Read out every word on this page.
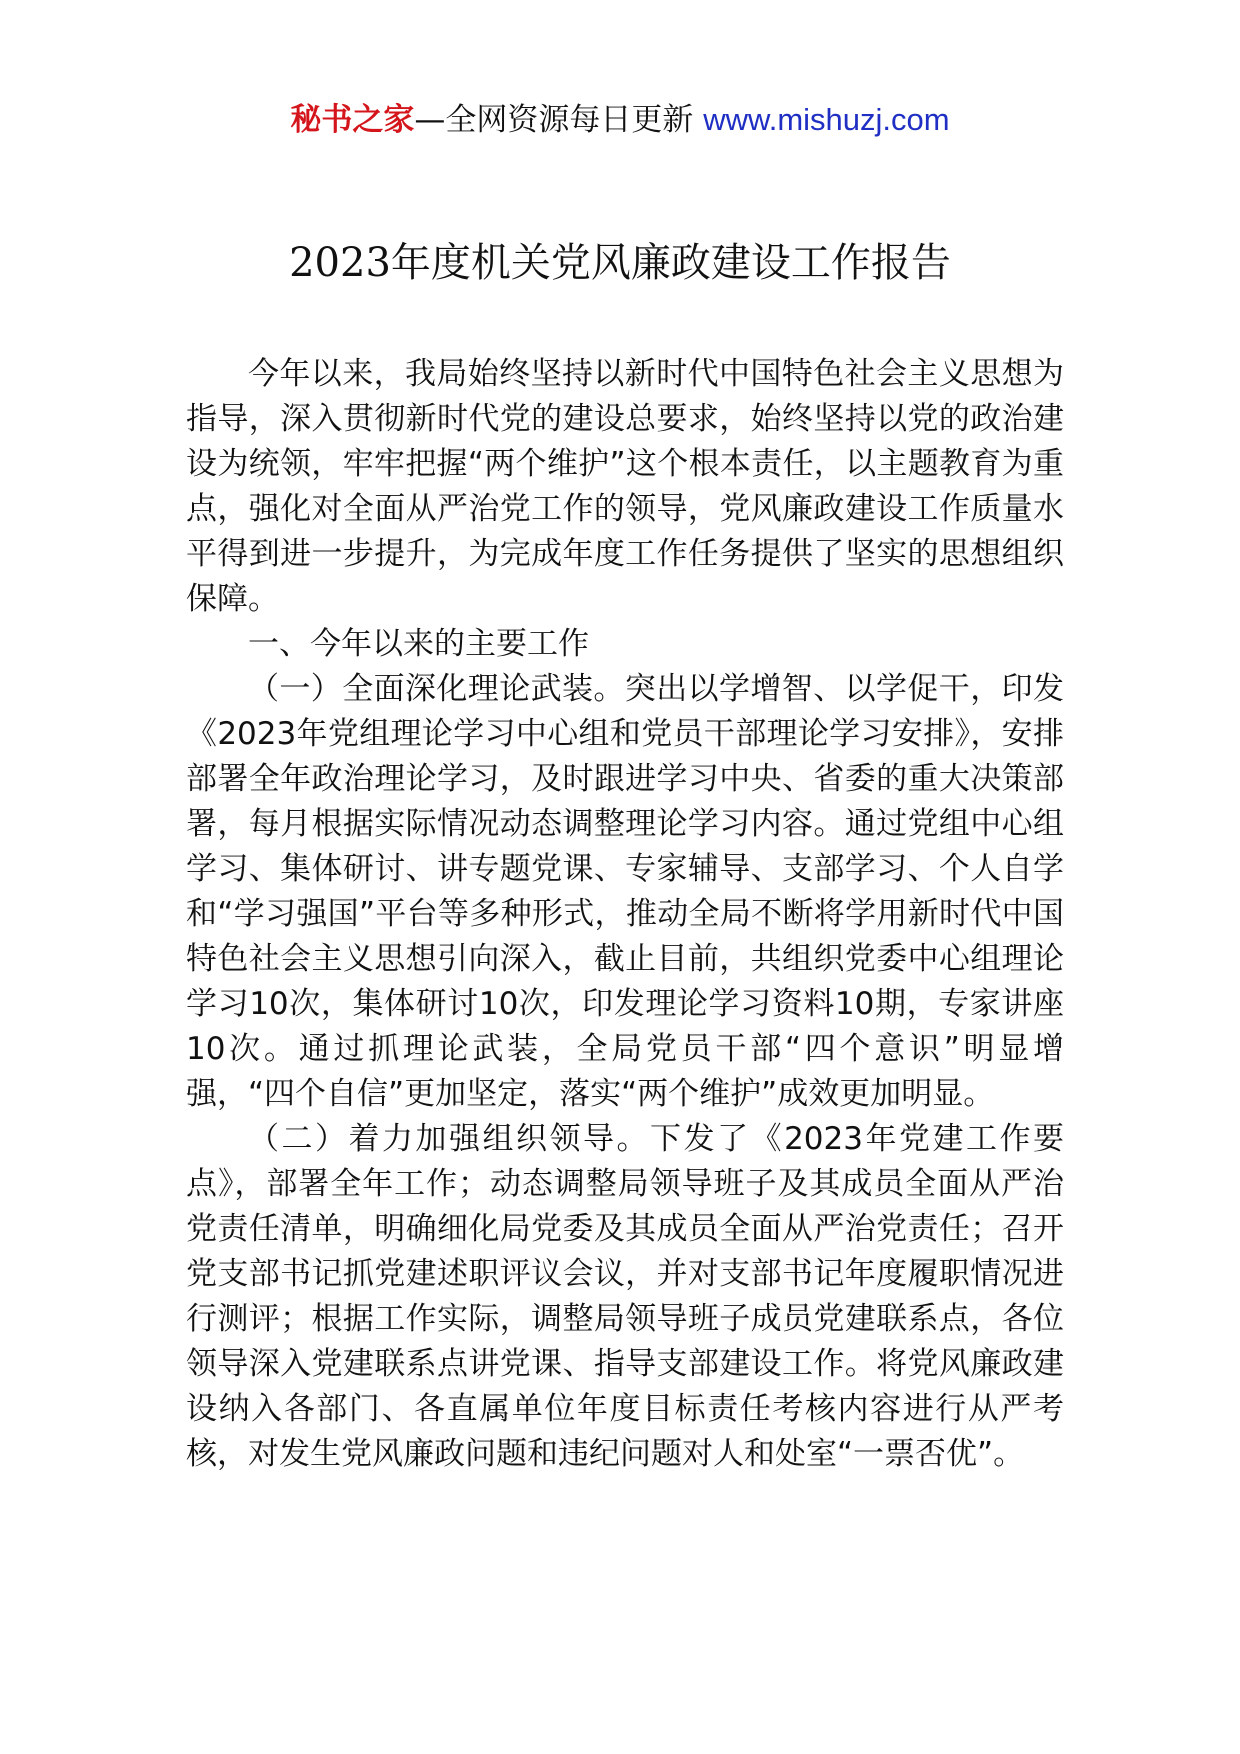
秘书之家—全网资源每日更新 www.mishuzj.com
2023年度机关党风廉政建设工作报告

今年以来，我局始终坚持以新时代中国特色社会主义思想为指导，深入贯彻新时代党的建设总要求，始终坚持以党的政治建设为统领，牢牢把握“两个维护”这个根本责任，以主题教育为重点，强化对全面从严治党工作的领导，党风廉政建设工作质量水平得到进一步提升，为完成年度工作任务提供了坚实的思想组织保障。

一、今年以来的主要工作

（一）全面深化理论武装。突出以学增智、以学促干，印发《2023年党组理论学习中心组和党员干部理论学习安排》，安排部署全年政治理论学习，及时跟进学习中央、省委的重大决策部署，每月根据实际情况动态调整理论学习内容。通过党组中心组学习、集体研讨、讲专题党课、专家辅导、支部学习、个人自学和“学习强国”平台等多种形式，推动全局不断将学用新时代中国特色社会主义思想引向深入，截止目前，共组织党委中心组理论学习10次，集体研讨10次，印发理论学习资料10期，专家讲座10次。通过抓理论武装，全局党员干部“四个意识”明显增强，“四个自信”更加坚定，落实“两个维护”成效更加明显。

（二）着力加强组织领导。下发了《2023年党建工作要点》，部署全年工作；动态调整局领导班子及其成员全面从严治党责任清单，明确细化局党委及其成员全面从严治党责任；召开党支部书记抓党建述职评议会议，并对支部书记年度履职情况进行测评；根据工作实际，调整局领导班子成员党建联系点，各位领导深入党建联系点讲党课、指导支部建设工作。将党风廉政建设纳入各部门、各直属单位年度目标责任考核内容进行从严考核，对发生党风廉政问题和违纪问题对人和处室“一票否优”。
